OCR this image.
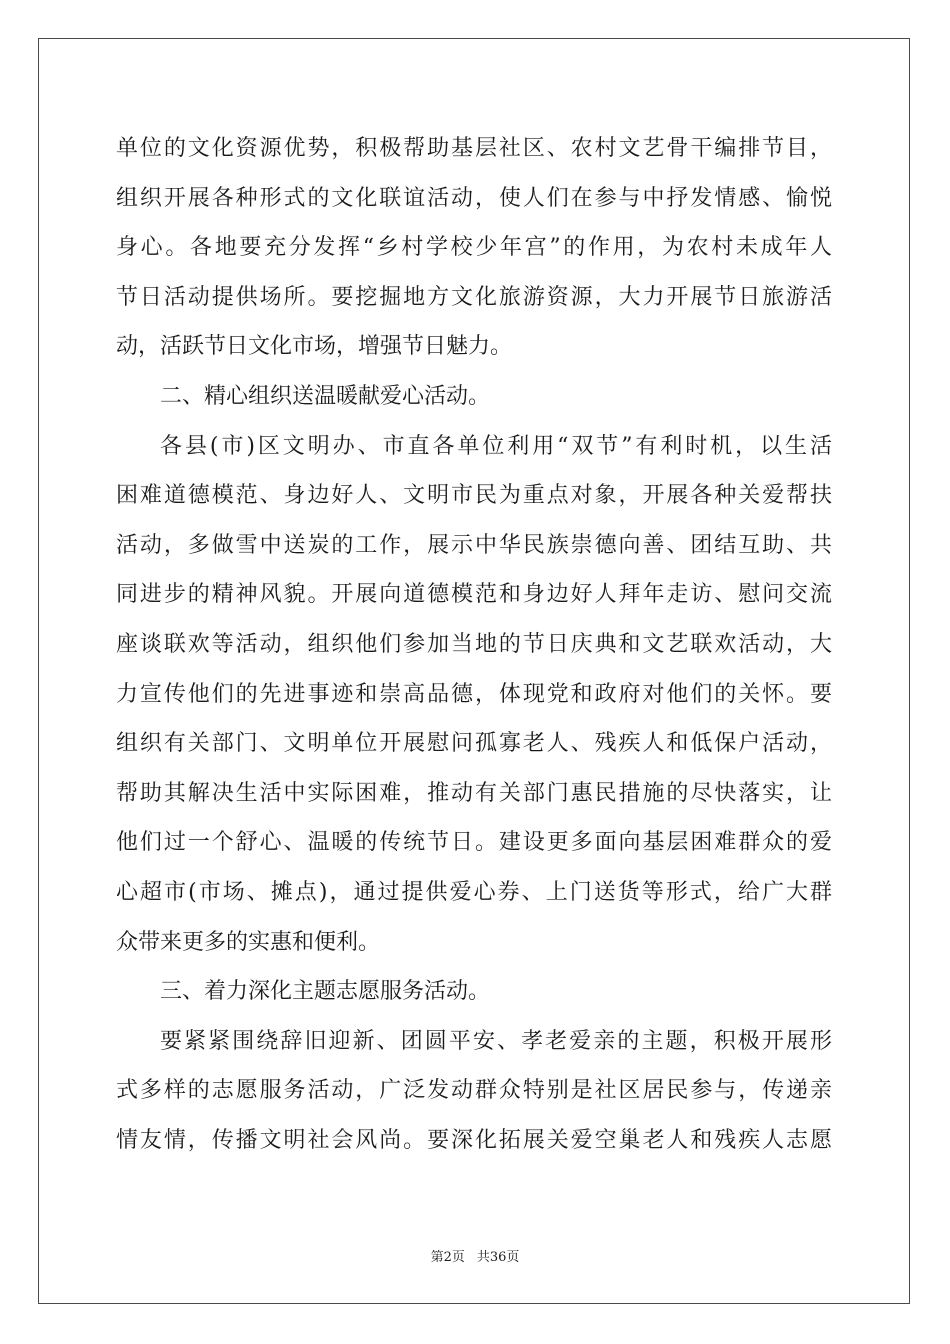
单位的文化资源优势，积极帮助基层社区、农村文艺骨干编排节目，
组织开展各种形式的文化联谊活动，使人们在参与中抒发情感、愉悦
身心。各地要充分发挥“乡村学校少年宫”的作用，为农村未成年人
节日活动提供场所。要挖掘地方文化旅游资源，大力开展节日旅游活
动，活跃节日文化市场，增强节日魅力。
二、精心组织送温暖献爱心活动。
各县(市)区文明办、市直各单位利用“双节”有利时机，以生活
困难道德模范、身边好人、文明市民为重点对象，开展各种关爱帮扶
活动，多做雪中送炭的工作，展示中华民族崇德向善、团结互助、共
同进步的精神风貌。开展向道德模范和身边好人拜年走访、慰问交流
座谈联欢等活动，组织他们参加当地的节日庆典和文艺联欢活动，大
力宣传他们的先进事迹和崇高品德，体现党和政府对他们的关怀。要
组织有关部门、文明单位开展慰问孤寡老人、残疾人和低保户活动，
帮助其解决生活中实际困难，推动有关部门惠民措施的尽快落实，让
他们过一个舒心、温暖的传统节日。建设更多面向基层困难群众的爱
心超市(市场、摊点)，通过提供爱心券、上门送货等形式，给广大群
众带来更多的实惠和便利。
三、着力深化主题志愿服务活动。
要紧紧围绕辞旧迎新、团圆平安、孝老爱亲的主题，积极开展形
式多样的志愿服务活动，广泛发动群众特别是社区居民参与，传递亲
情友情，传播文明社会风尚。要深化拓展关爱空巢老人和残疾人志愿
第2页 共36页
